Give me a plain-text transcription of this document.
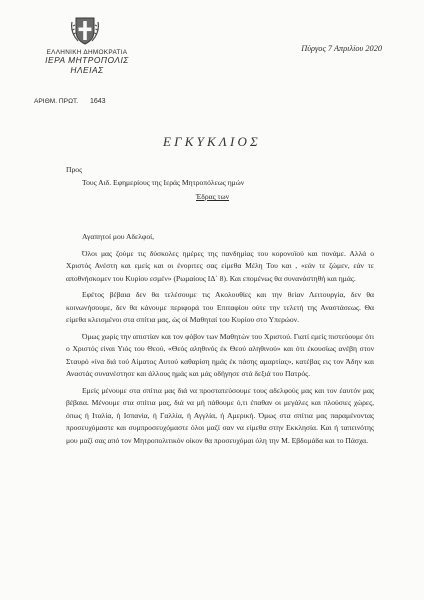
ΕΛΛΗΝΙΚΗ ΔΗΜΟΚΡΑΤΙΑ
ΙΕΡΑ ΜΗΤΡΟΠΟΛΙΣ ΗΛΕΙΑΣ
Πύργος 7 Απριλίου 2020
ΑΡΙΘΜ. ΠΡΩΤ. 1643
ΕΓΚΥΚΛΙΟΣ
Προς
Τους Αιδ. Εφημερίους της Ιεράς Μητροπόλεως ημών
Έδρας των

Αγαπητοί μου Αδελφοί,

Όλοι μας ζούμε τις δύσκολες ημέρες της πανδημίας του κορονοϊού και πονάμε. Αλλά ο Χριστός Ανέστη και εμείς και οι ένοριτες σας είμεθα Μέλη Του και , «εάν τε ζώμεν, εάν τε αποθνήσκομεν του Κυρίου εσμέν» (Ρωμαίους ΙΔ΄ 8). Και επομένως θα συνανάστηθή και ημάς.

Εφέτος βέβαια δεν θα τελέσουμε τις Ακολουθίες και την θείαν Λειτουργία, δεν θα κοινωνήσουμε, δεν θα κάνουμε περιφορά του Επιταφίου ούτε την τελετή της Αναστάσεως. Θα είμεθα κλεισμένοι στα σπίτια μας, ώς οί Μαθηταί του Κυρίου στο Υπερώον.

Όμως χωρίς την απιστίαν και τον φόβον των Μαθητών του Χριστού. Γιατί εμείς πιστεύουμε ότι ο Χριστός είναι Υιός του Θεού, «Θεός αληθινός έκ Θεού αληθινού» και ότι έκουσίως ανέβη στον Σταυρό «ίνα διά τού Αίματος Αυτού καθαρίση ημάς έκ πάσης αμαρτίας», κατέβας εις τον Άδην και Αναστάς συνανέστησε και άλλους ημάς και μάς οδήγησε στά δεξιά του Πατρός.

Εμείς μένουμε στα σπίτια μας διά να προστατεύσουμε τους αδελφούς μας και τον έαυτόν μας βέβαια. Μένουμε στα σπίτια μας, διά να μή πάθουμε ό,τι έπαθαν οι μεγάλες και πλούσιες χώρες, όπως ή Ιταλία, ή Ισπανία, ή Γαλλία, ή Αγγλία, ή Αμερική. Όμως στα σπίτια μας παραμένοντας προσευχόμαστε και συμπροσευχόμαστε όλοι μαζί σαν να είμεθα στην Εκκλησία. Και ή ταπεινότης μου μαζί σας από τον Μητροπολιτικόν οίκον θα προσευχόμαι όλη την Μ. Εβδομάδα και το Πάσχα.
